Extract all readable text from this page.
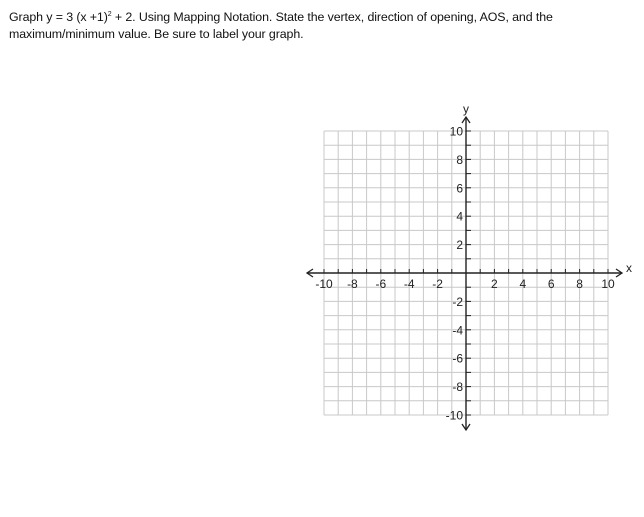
Graph y = 3 $(x +1)^2 + 2$. Using Mapping Notation. State the vertex, direction of opening, AOS, and the maximum/minimum value. Be sure to label your graph.
-10 -8 -6 -4 -2	2 4 6 8 10
10
8
6
4
2
-2
-4
-6
-8
-10
x
y
